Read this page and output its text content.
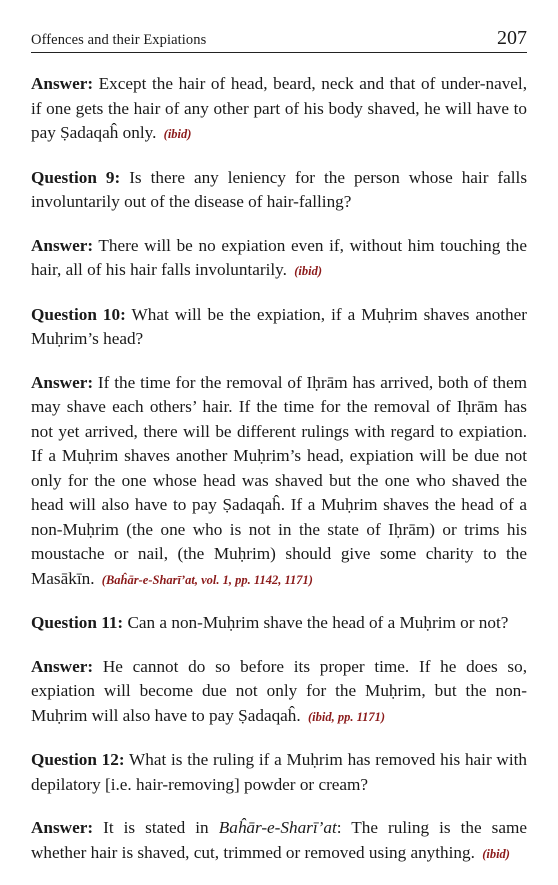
Offences and their Expiations	207

Answer: Except the hair of head, beard, neck and that of under-navel, if one gets the hair of any other part of his body shaved, he will have to pay Ṣadaqaĥ only. (ibid)

Question 9: Is there any leniency for the person whose hair falls involuntarily out of the disease of hair-falling?

Answer: There will be no expiation even if, without him touching the hair, all of his hair falls involuntarily. (ibid)

Question 10: What will be the expiation, if a Muḥrim shaves another Muḥrim’s head?

Answer: If the time for the removal of Iḥrām has arrived, both of them may shave each others’ hair. If the time for the removal of Iḥrām has not yet arrived, there will be different rulings with regard to expiation. If a Muḥrim shaves another Muḥrim’s head, expiation will be due not only for the one whose head was shaved but the one who shaved the head will also have to pay Ṣadaqaĥ. If a Muḥrim shaves the head of a non-Muḥrim (the one who is not in the state of Iḥrām) or trims his moustache or nail, (the Muḥrim) should give some charity to the Masākīn. (Baĥār-e-Sharī’at, vol. 1, pp. 1142, 1171)

Question 11: Can a non-Muḥrim shave the head of a Muḥrim or not?

Answer: He cannot do so before its proper time. If he does so, expiation will become due not only for the Muḥrim, but the non-Muḥrim will also have to pay Ṣadaqaĥ. (ibid, pp. 1171)

Question 12: What is the ruling if a Muḥrim has removed his hair with depilatory [i.e. hair-removing] powder or cream?

Answer: It is stated in Baĥār-e-Sharī’at: The ruling is the same whether hair is shaved, cut, trimmed or removed using anything. (ibid)
